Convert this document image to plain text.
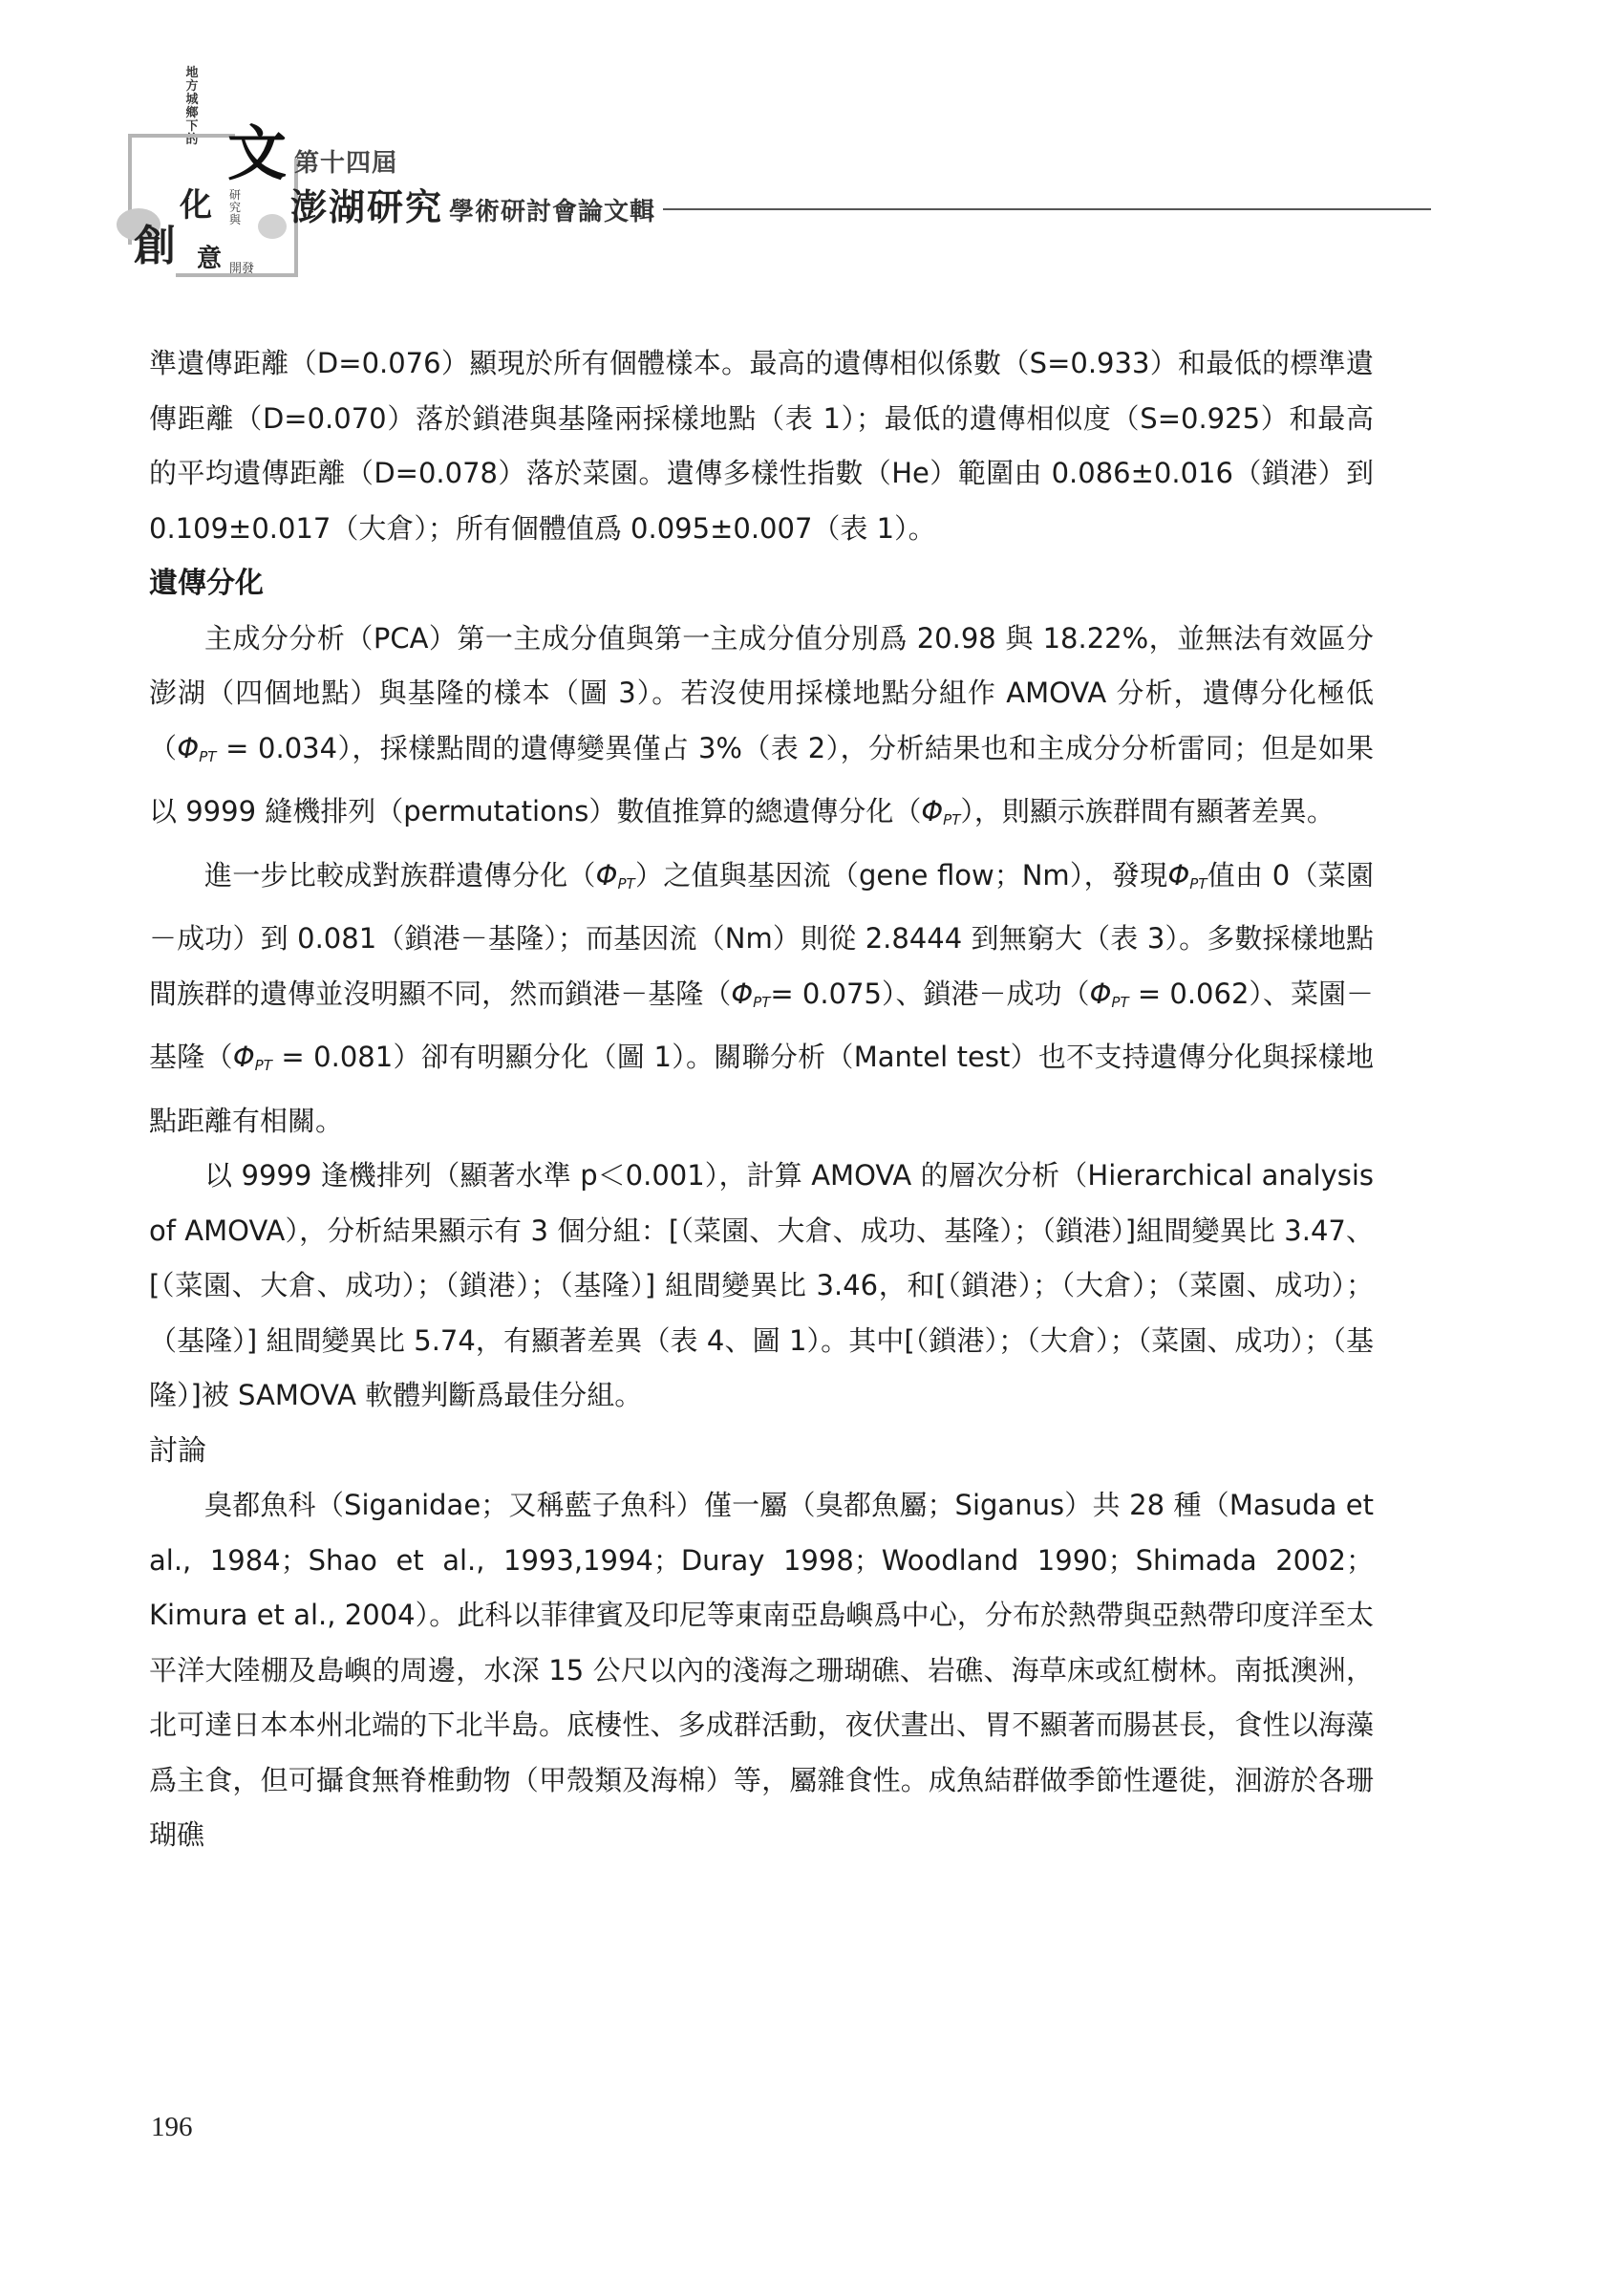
地方城鄉下的 文
化 研究與
創 意 開發
第十四屆
澎湖研究 學術研討會論文輯

準遺傳距離（D=0.076）顯現於所有個體樣本。最高的遺傳相似係數（S=0.933）和最低的標準遺傳距離（D=0.070）落於鎖港與基隆兩採樣地點（表 1）；最低的遺傳相似度（S=0.925）和最高的平均遺傳距離（D=0.078）落於菜園。遺傳多樣性指數（He）範圍由 0.086±0.016（鎖港）到 0.109±0.017（大倉）；所有個體值爲 0.095±0.007（表 1）。

遺傳分化

主成分分析（PCA）第一主成分值與第一主成分值分別爲 20.98 與 18.22%，並無法有效區分澎湖（四個地點）與基隆的樣本（圖 3）。若沒使用採樣地點分組作 AMOVA 分析，遺傳分化極低（ΦPT = 0.034），採樣點間的遺傳變異僅占 3%（表 2），分析結果也和主成分分析雷同；但是如果以 9999 縫機排列（permutations）數值推算的總遺傳分化（ΦPT），則顯示族群間有顯著差異。

進一步比較成對族群遺傳分化（ΦPT）之值與基因流（gene flow；Nm），發現ΦPT值由 0（菜園－成功）到 0.081（鎖港－基隆）；而基因流（Nm）則從 2.8444 到無窮大（表 3）。多數採樣地點間族群的遺傳並沒明顯不同，然而鎖港－基隆（ΦPT= 0.075）、鎖港－成功（ΦPT = 0.062）、菜園－基隆（ΦPT = 0.081）卻有明顯分化（圖 1）。關聯分析（Mantel test）也不支持遺傳分化與採樣地點距離有相關。

以 9999 逢機排列（顯著水準 p＜0.001），計算 AMOVA 的層次分析（Hierarchical analysis of AMOVA），分析結果顯示有 3 個分組：[（菜園、大倉、成功、基隆）；（鎖港）]組間變異比 3.47、[（菜園、大倉、成功）；（鎖港）；（基隆）] 組間變異比 3.46，和[（鎖港）；（大倉）；（菜園、成功）；（基隆）] 組間變異比 5.74，有顯著差異（表 4、圖 1）。其中[（鎖港）；（大倉）；（菜園、成功）；（基隆）]被 SAMOVA 軟體判斷爲最佳分組。

討論

臭都魚科（Siganidae；又稱藍子魚科）僅一屬（臭都魚屬；Siganus）共 28 種（Masuda et al., 1984；Shao et al., 1993,1994；Duray 1998；Woodland 1990；Shimada 2002；Kimura et al., 2004）。此科以菲律賓及印尼等東南亞島嶼爲中心，分布於熱帶與亞熱帶印度洋至太平洋大陸棚及島嶼的周邊，水深 15 公尺以內的淺海之珊瑚礁、岩礁、海草床或紅樹林。南抵澳洲，北可達日本本州北端的下北半島。底棲性、多成群活動，夜伏晝出、胃不顯著而腸甚長，食性以海藻爲主食，但可攝食無脊椎動物（甲殼類及海棉）等，屬雜食性。成魚結群做季節性遷徙，洄游於各珊瑚礁

196
